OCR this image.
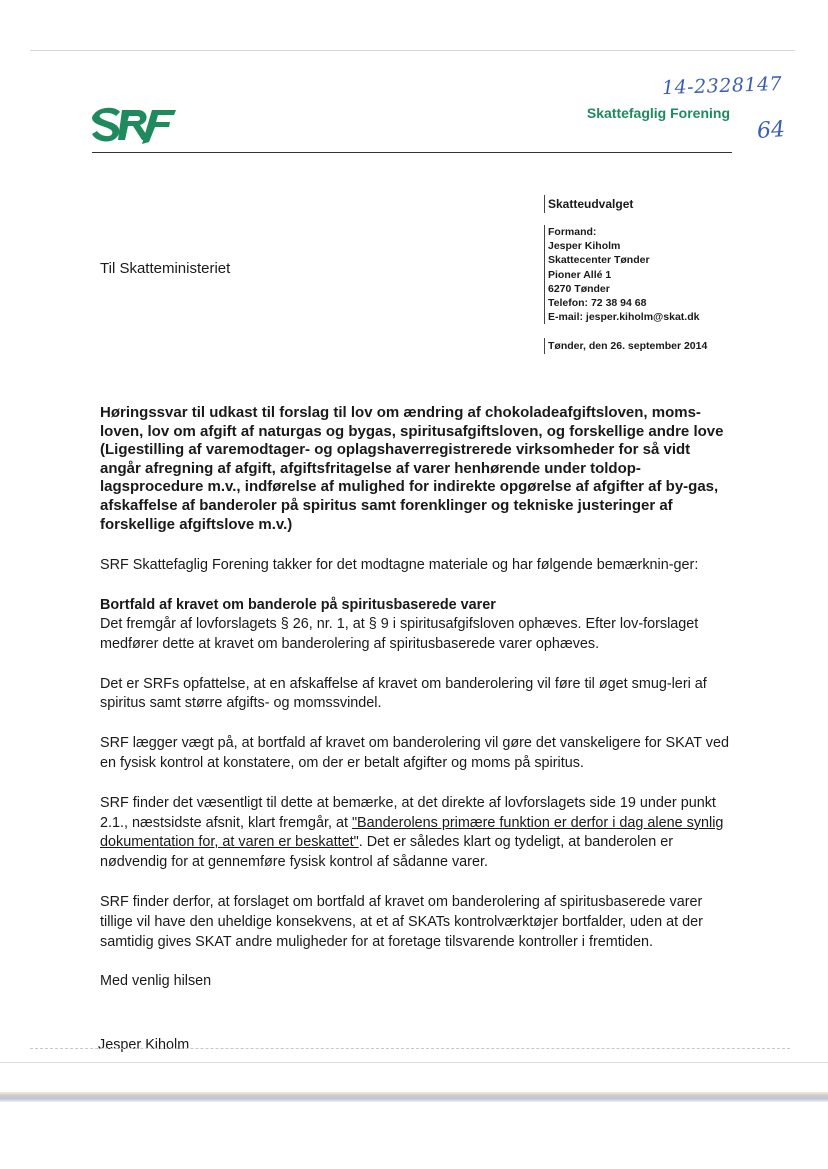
14-2328147
64
Skattefaglig Forening
Til Skatteministeriet
Skatteudvalget
Formand:
Jesper Kiholm
Skattecenter Tønder
Pioner Allé 1
6270 Tønder
Telefon: 72 38 94 68
E-mail: jesper.kiholm@skat.dk
Tønder, den 26. september 2014

Høringssvar til udkast til forslag til lov om ændring af chokoladeafgiftsloven, moms-loven, lov om afgift af naturgas og bygas, spiritusafgiftsloven, og forskellige andre love (Ligestilling af varemodtager- og oplagshaverregistrerede virksomheder for så vidt angår afregning af afgift, afgiftsfritagelse af varer henhørende under toldop-lagsprocedure m.v., indførelse af mulighed for indirekte opgørelse af afgifter af by-gas, afskaffelse af banderoler på spiritus samt forenklinger og tekniske justeringer af forskellige afgiftslove m.v.)

SRF Skattefaglig Forening takker for det modtagne materiale og har følgende bemærknin-ger:

Bortfald af kravet om banderole på spiritusbaserede varer

Det fremgår af lovforslagets § 26, nr. 1, at § 9 i spiritusafgifsloven ophæves. Efter lov-forslaget medfører dette at kravet om banderolering af spiritusbaserede varer ophæves.

Det er SRFs opfattelse, at en afskaffelse af kravet om banderolering vil føre til øget smug-leri af spiritus samt større afgifts- og momssvindel.

SRF lægger vægt på, at bortfald af kravet om banderolering vil gøre det vanskeligere for SKAT ved en fysisk kontrol at konstatere, om der er betalt afgifter og moms på spiritus.

SRF finder det væsentligt til dette at bemærke, at det direkte af lovforslagets side 19 under punkt 2.1., næstsidste afsnit, klart fremgår, at "Banderolens primære funktion er derfor i dag alene synlig dokumentation for, at varen er beskattet". Det er således klart og tydeligt, at banderolen er nødvendig for at gennemføre fysisk kontrol af sådanne varer.

SRF finder derfor, at forslaget om bortfald af kravet om banderolering af spiritusbaserede varer tillige vil have den uheldige konsekvens, at et af SKATs kontrolværktøjer bortfalder, uden at der samtidig gives SKAT andre muligheder for at foretage tilsvarende kontroller i fremtiden.

Med venlig hilsen
Jesper Kiholm
